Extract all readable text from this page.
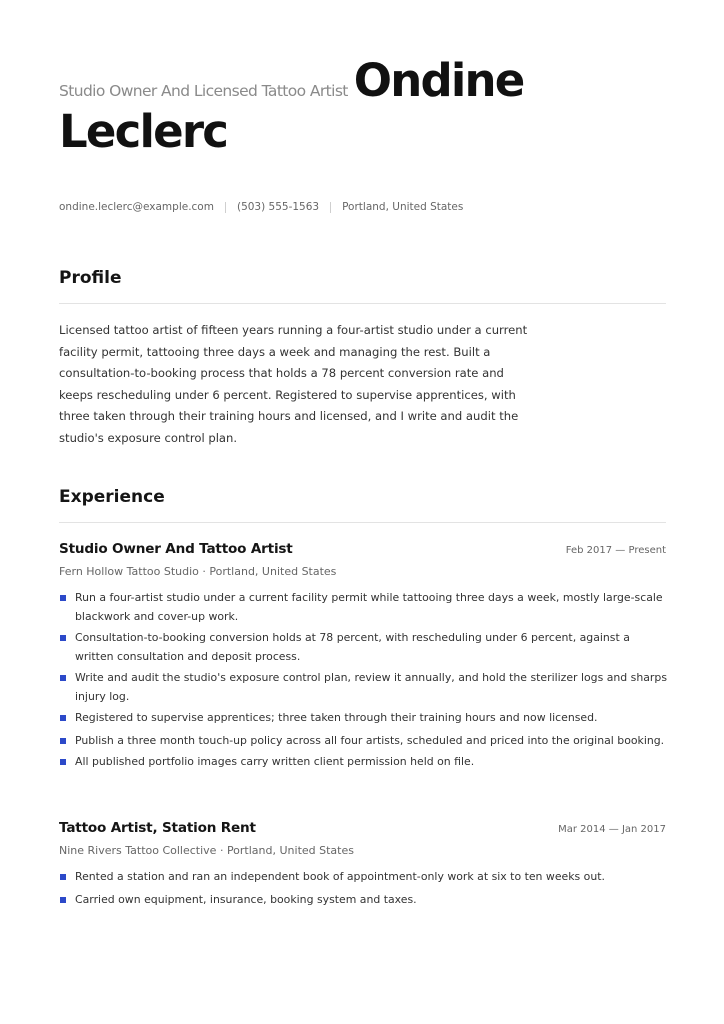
Studio Owner And Licensed Tattoo Artist Ondine
Leclerc
ondine.leclerc@example.com (503) 555-1563 Portland, United States
Profile

Licensed tattoo artist of fifteen years running a four-artist studio under a current facility permit, tattooing three days a week and managing the rest. Built a consultation-to-booking process that holds a 78 percent conversion rate and keeps rescheduling under 6 percent. Registered to supervise apprentices, with three taken through their training hours and licensed, and I write and audit the studio's exposure control plan.

Experience
Studio Owner And Tattoo Artist	Feb 2017 — Present
Fern Hollow Tattoo Studio · Portland, United States
Run a four-artist studio under a current facility permit while tattooing three days a week, mostly large-scale blackwork and cover-up work.
Consultation-to-booking conversion holds at 78 percent, with rescheduling under 6 percent, against a written consultation and deposit process.
Write and audit the studio's exposure control plan, review it annually, and hold the sterilizer logs and sharps injury log.
Registered to supervise apprentices; three taken through their training hours and now licensed.
Publish a three month touch-up policy across all four artists, scheduled and priced into the original booking.
All published portfolio images carry written client permission held on file.
Tattoo Artist, Station Rent	Mar 2014 — Jan 2017
Nine Rivers Tattoo Collective · Portland, United States
Rented a station and ran an independent book of appointment-only work at six to ten weeks out.
Carried own equipment, insurance, booking system and taxes.
